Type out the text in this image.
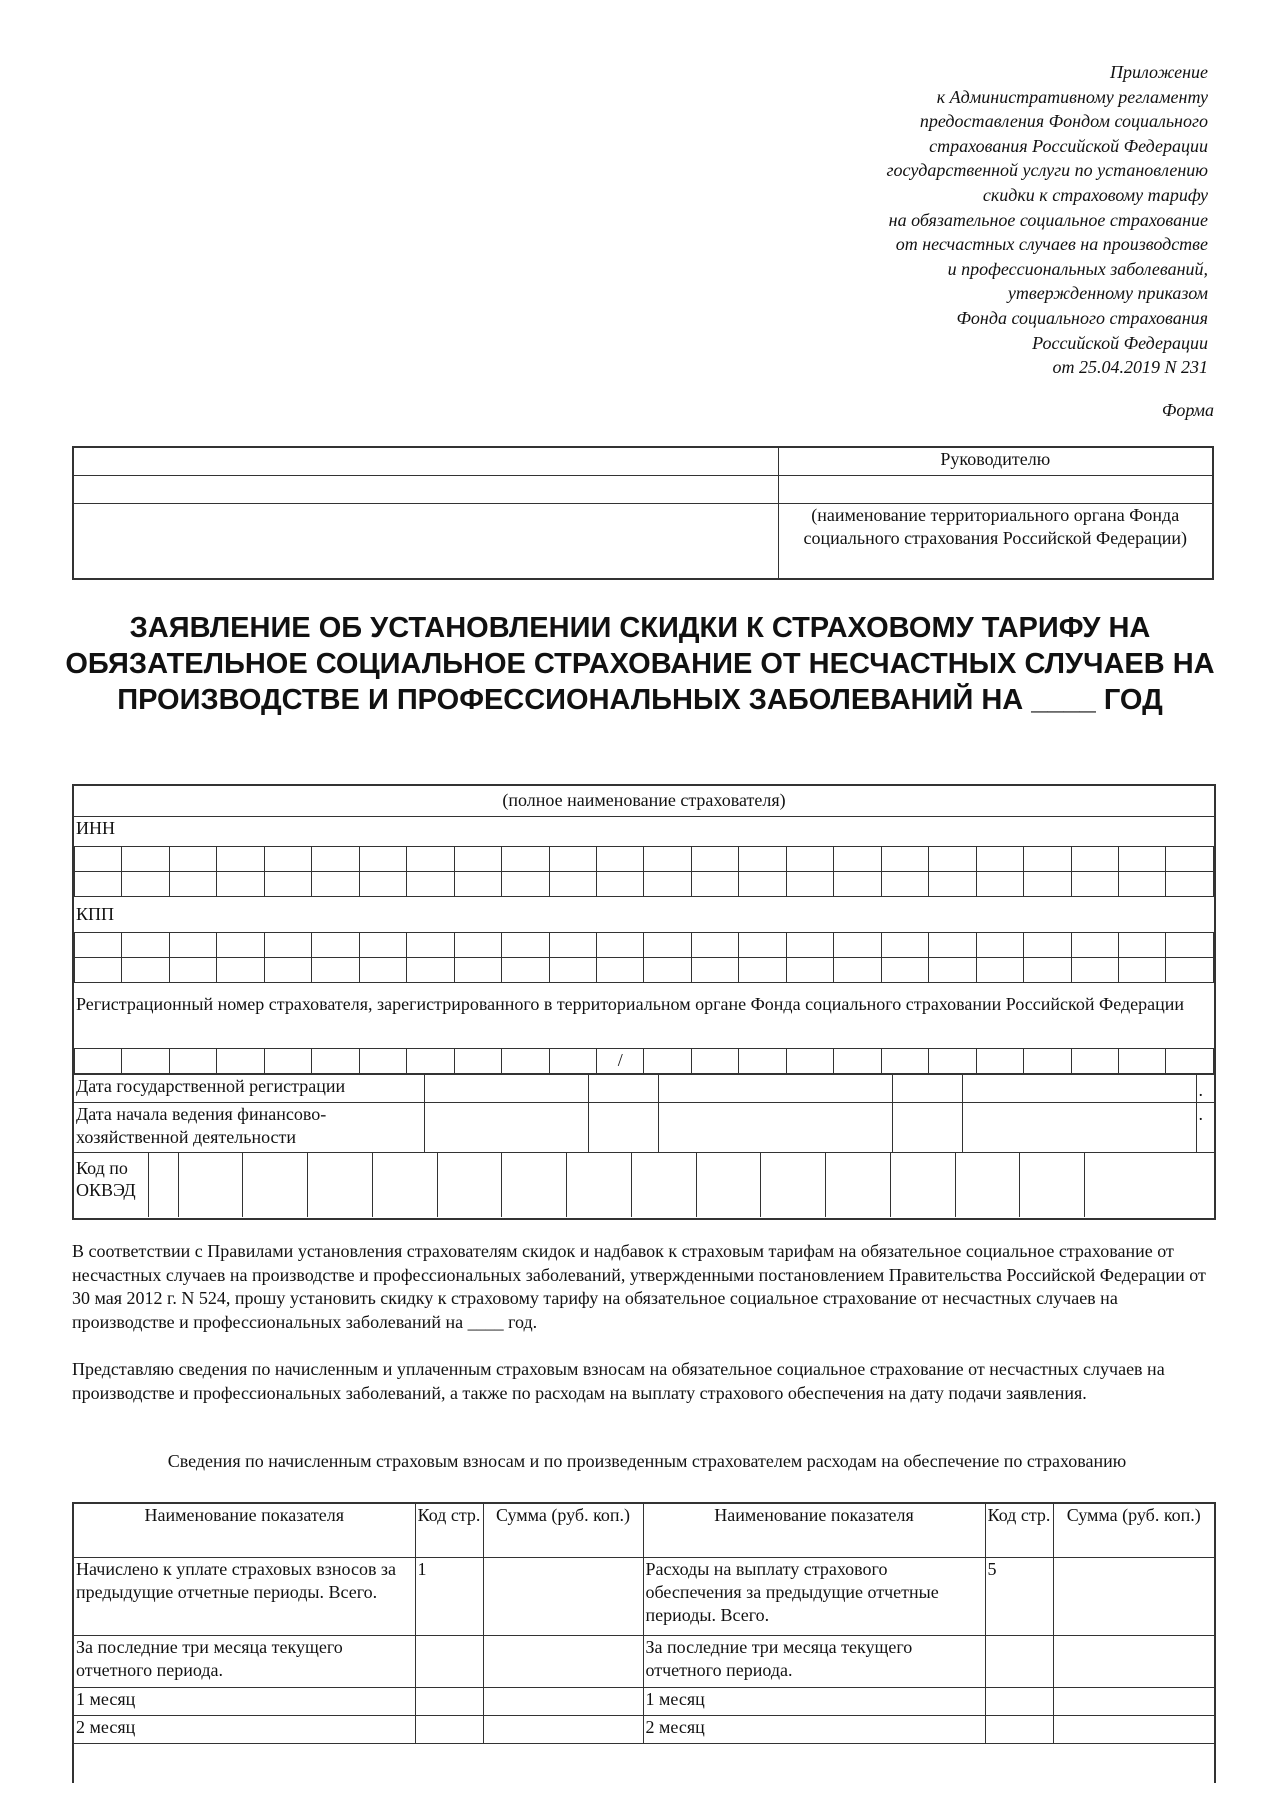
Приложение
к Административному регламенту
предоставления Фондом социального
страхования Российской Федерации
государственной услуги по установлению
скидки к страховому тарифу
на обязательное социальное страхование
от несчастных случаев на производстве
и профессиональных заболеваний,
утвержденному приказом
Фонда социального страхования
Российской Федерации
от 25.04.2019 N 231
Форма
	Руководителю

	(наименование территориального органа Фонда социального страхования Российской Федерации)
ЗАЯВЛЕНИЕ ОБ УСТАНОВЛЕНИИ СКИДКИ К СТРАХОВОМУ ТАРИФУ НА ОБЯЗАТЕЛЬНОЕ СОЦИАЛЬНОЕ СТРАХОВАНИЕ ОТ НЕСЧАСТНЫХ СЛУЧАЕВ НА ПРОИЗВОДСТВЕ И ПРОФЕССИОНАЛЬНЫХ ЗАБОЛЕВАНИЙ НА ____ ГОД
(полное наименование страхователя)
ИНН

КПП

Регистрационный номер страхователя, зарегистрированного в территориальном органе Фонда социального страховании Российской Федерации
											/												
Дата государственной регистрации						.
Дата начала ведения финансово-хозяйственной деятельности						.
Код по ОКВЭД																
В соответствии с Правилами установления страхователям скидок и надбавок к страховым тарифам на обязательное социальное страхование от несчастных случаев на производстве и профессиональных заболеваний, утвержденными постановлением Правительства Российской Федерации от 30 мая 2012 г. N 524, прошу установить скидку к страховому тарифу на обязательное социальное страхование от несчастных случаев на производстве и профессиональных заболеваний на ____ год.
Представляю сведения по начисленным и уплаченным страховым взносам на обязательное социальное страхование от несчастных случаев на производстве и профессиональных заболеваний, а также по расходам на выплату страхового обеспечения на дату подачи заявления.
Сведения по начисленным страховым взносам и по произведенным страхователем расходам на обеспечение по страхованию
Наименование показателя	Код стр.	Сумма (руб. коп.)	Наименование показателя	Код стр.	Сумма (руб. коп.)
Начислено к уплате страховых взносов за предыдущие отчетные периоды. Всего.	1		Расходы на выплату страхового обеспечения за предыдущие отчетные периоды. Всего.	5	
За последние три месяца текущего отчетного периода.			За последние три месяца текущего отчетного периода.		
1 месяц			1 месяц		
2 месяц			2 месяц		
